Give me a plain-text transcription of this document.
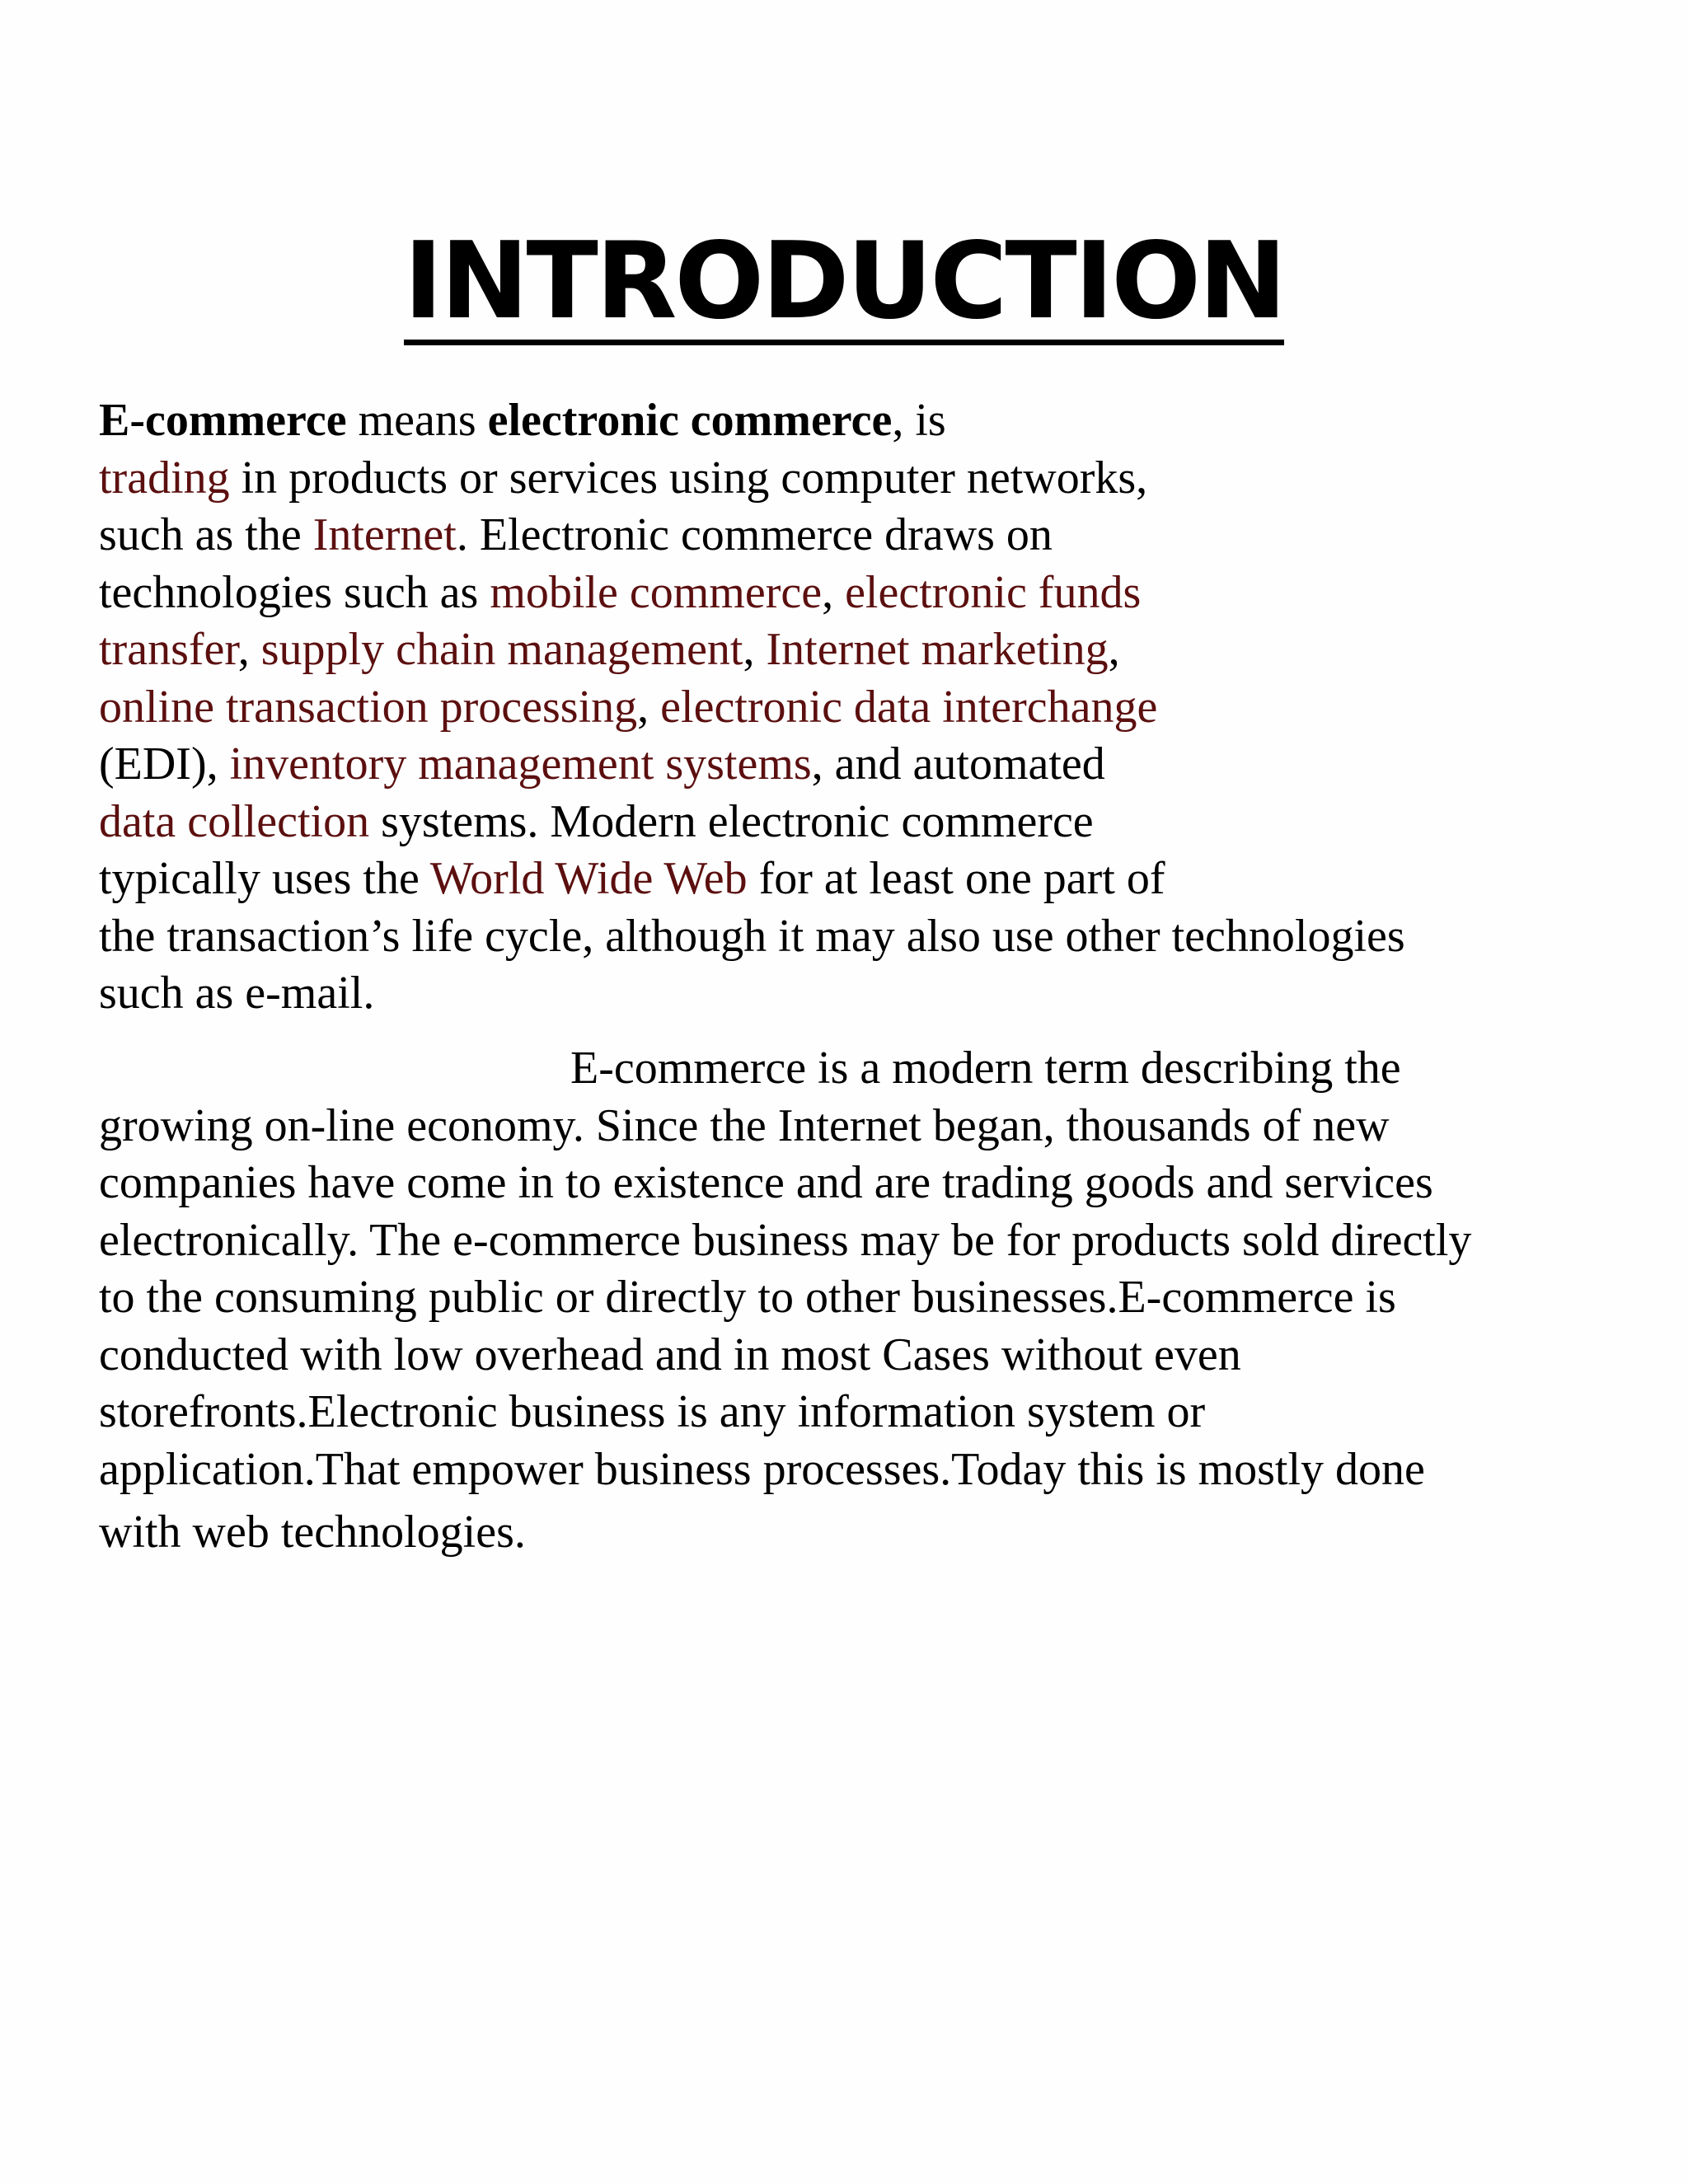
INTRODUCTION
E-commerce means electronic commerce, is
trading in products or services using computer networks,
such as the Internet. Electronic commerce draws on
technologies such as mobile commerce, electronic funds
transfer, supply chain management, Internet marketing,
online transaction processing, electronic data interchange
(EDI), inventory management systems, and automated
data collection systems. Modern electronic commerce
typically uses the World Wide Web for at least one part of
the transaction’s life cycle, although it may also use other technologies
such as e-mail.
E-commerce is a modern term describing the
growing on-line economy. Since the Internet began, thousands of new
companies have come in to existence and are trading goods and services
electronically. The e-commerce business may be for products sold directly
to the consuming public or directly to other businesses.E-commerce is
conducted with low overhead and in most Cases without even
storefronts.Electronic business is any information system or
application.That empower business processes.Today this is mostly done
with web technologies.
